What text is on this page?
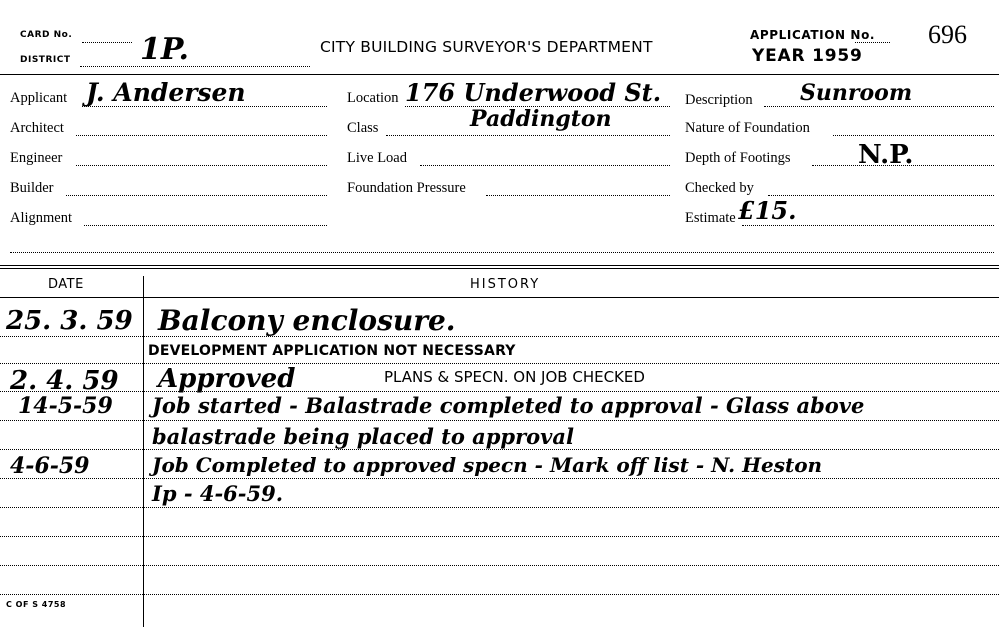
CARD No.
DISTRICT 1P.	CITY BUILDING SURVEYOR'S DEPARTMENT
APPLICATION No.
YEAR 1959
696
Applicant J. Andersen
Architect
Engineer
Builder
Alignment
Location 176 Underwood St.
Class	Paddington
Live Load
Foundation Pressure
Description Sunroom
Nature of Foundation
Depth of Footings	N.P.
Checked by
Estimate £15.
DATE	HISTORY
25. 3. 59 Balcony enclosure.
DEVELOPMENT APPLICATION NOT NECESSARY
2. 4. 59 Approved	PLANS & SPECN. ON JOB CHECKED
14-5-59 Job started - Balastrade completed to approval - Glass above
balastrade being placed to approval
4-6-59	Job Completed to approved specn - Mark off list - N. Heston
Ip - 4-6-59.
C OF S 4758
